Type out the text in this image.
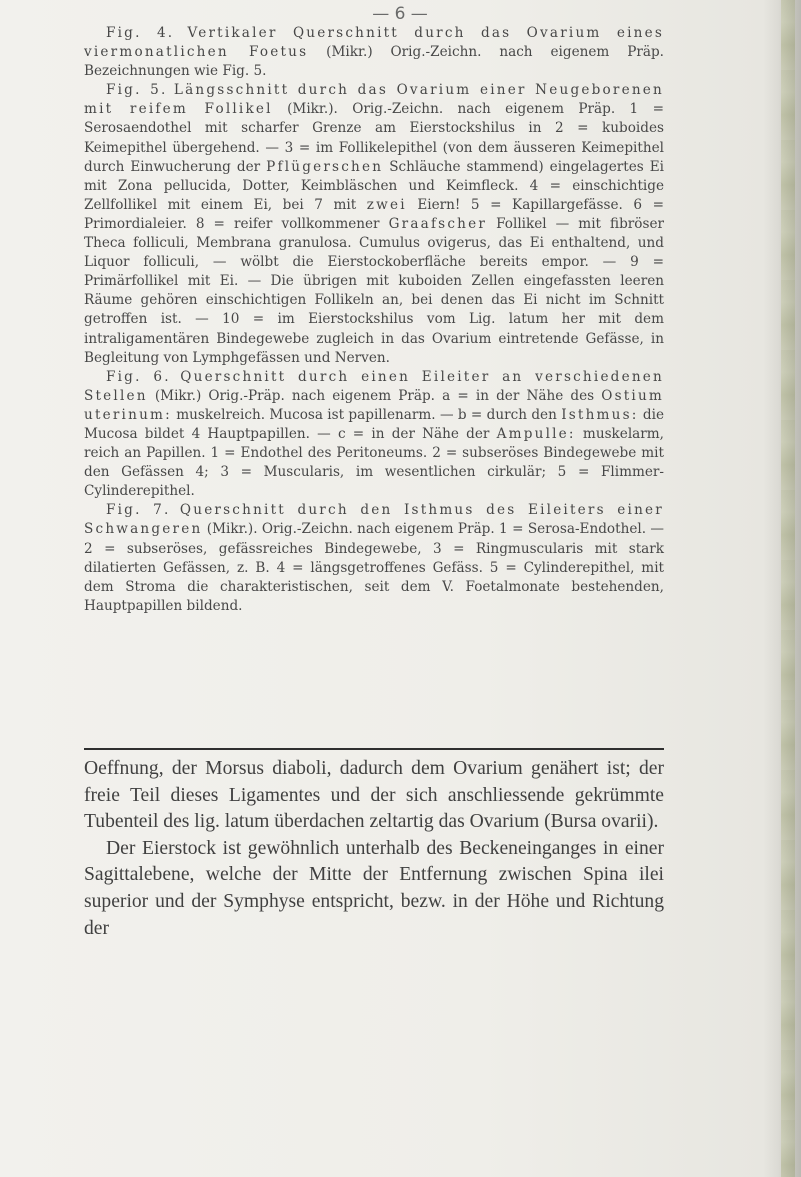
— 6 —

Fig. 4. Vertikaler Querschnitt durch das Ovarium eines viermonatlichen Foetus (Mikr.) Orig.-Zeichn. nach eigenem Präp. Bezeichnungen wie Fig. 5.

Fig. 5. Längsschnitt durch das Ovarium einer Neugeborenen mit reifem Follikel (Mikr.). Orig.-Zeichn. nach eigenem Präp. 1 = Serosaendothel mit scharfer Grenze am Eierstockshilus in 2 = kuboides Keimepithel übergehend. — 3 = im Follikelepithel (von dem äusseren Keimepithel durch Einwucherung der Pflügerschen Schläuche stammend) eingelagertes Ei mit Zona pellucida, Dotter, Keimbläschen und Keimfleck. 4 = einschichtige Zellfollikel mit einem Ei, bei 7 mit zwei Eiern! 5 = Kapillargefässe. 6 = Primordialeier. 8 = reifer vollkommener Graafscher Follikel — mit fibröser Theca folliculi, Membrana granulosa. Cumulus ovigerus, das Ei enthaltend, und Liquor folliculi, — wölbt die Eierstockoberfläche bereits empor. — 9 = Primärfollikel mit Ei. — Die übrigen mit kuboiden Zellen eingefassten leeren Räume gehören einschichtigen Follikeln an, bei denen das Ei nicht im Schnitt getroffen ist. — 10 = im Eierstockshilus vom Lig. latum her mit dem intraligamentären Bindegewebe zugleich in das Ovarium eintretende Gefässe, in Begleitung von Lymphgefässen und Nerven.

Fig. 6. Querschnitt durch einen Eileiter an verschiedenen Stellen (Mikr.) Orig.-Präp. nach eigenem Präp. a = in der Nähe des Ostium uterinum: muskelreich. Mucosa ist papillenarm. — b = durch den Isthmus: die Mucosa bildet 4 Hauptpapillen. — c = in der Nähe der Ampulle: muskelarm, reich an Papillen. 1 = Endothel des Peritoneums. 2 = subseröses Bindegewebe mit den Gefässen 4; 3 = Muscularis, im wesentlichen cirkulär; 5 = Flimmer-Cylinderepithel.

Fig. 7. Querschnitt durch den Isthmus des Eileiters einer Schwangeren (Mikr.). Orig.-Zeichn. nach eigenem Präp. 1 = Serosa-Endothel. — 2 = subseröses, gefässreiches Bindegewebe, 3 = Ringmuscularis mit stark dilatierten Gefässen, z. B. 4 = längsgetroffenes Gefäss. 5 = Cylinderepithel, mit dem Stroma die charakteristischen, seit dem V. Foetalmonate bestehenden, Hauptpapillen bildend.

Oeffnung, der Morsus diaboli, dadurch dem Ovarium genähert ist; der freie Teil dieses Ligamentes und der sich anschliessende gekrümmte Tubenteil des lig. latum überdachen zeltartig das Ovarium (Bursa ovarii).

Der Eierstock ist gewöhnlich unterhalb des Beckeneinganges in einer Sagittalebene, welche der Mitte der Entfernung zwischen Spina ilei superior und der Symphyse entspricht, bezw. in der Höhe und Richtung der
